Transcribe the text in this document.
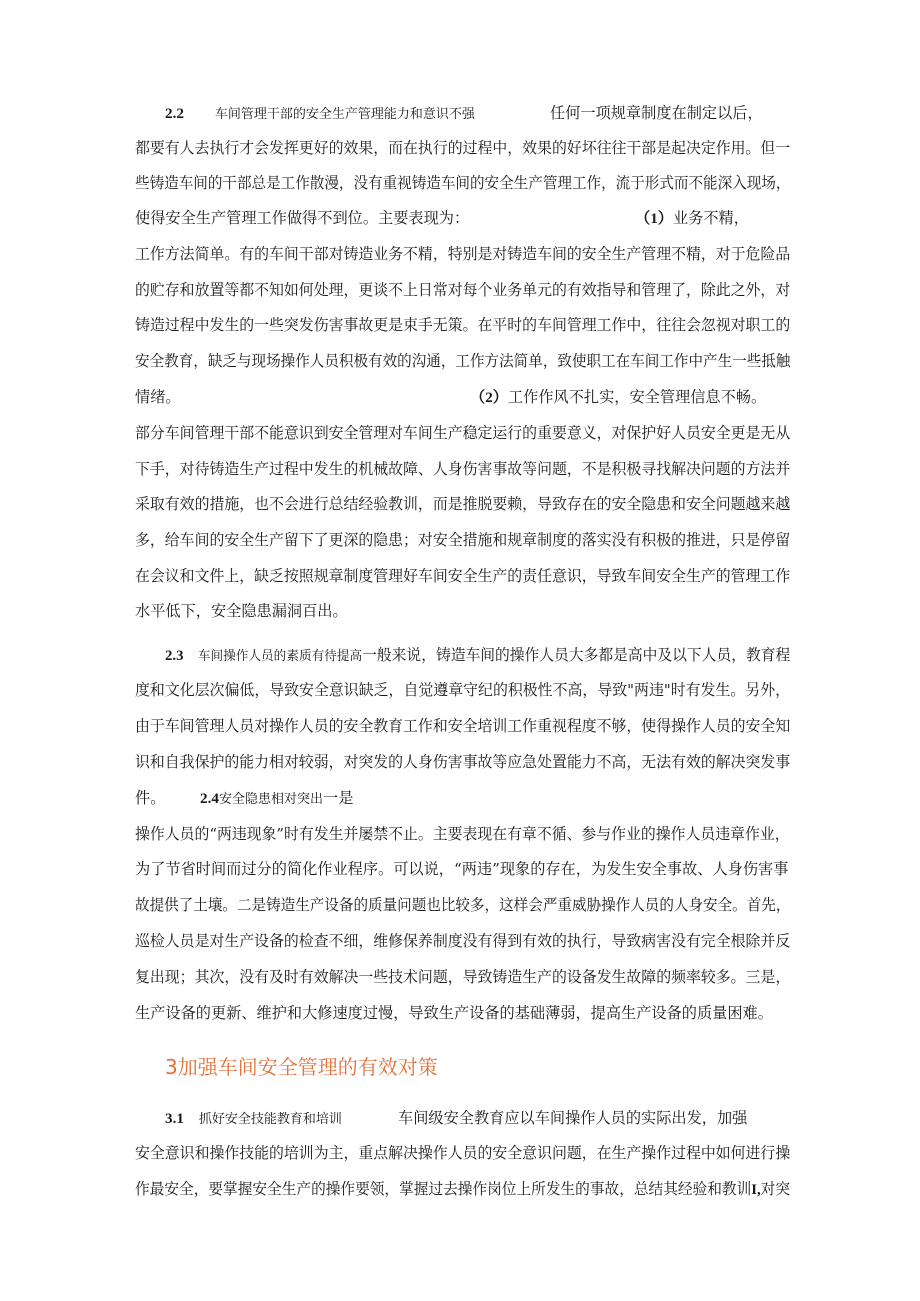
2.2 车间管理干部的安全生产管理能力和意识不强	任何一项规章制度在制定以后，
都要有人去执行才会发挥更好的效果，而在执行的过程中，效果的好坏往往干部是起决定作用。但一
些铸造车间的干部总是工作散漫，没有重视铸造车间的安全生产管理工作，流于形式而不能深入现场，
使得安全生产管理工作做得不到位。主要表现为：	（1）业务不精，
工作方法简单。有的车间干部对铸造业务不精，特别是对铸造车间的安全生产管理不精，对于危险品
的贮存和放置等都不知如何处理，更谈不上日常对每个业务单元的有效指导和管理了，除此之外，对
铸造过程中发生的一些突发伤害事故更是束手无策。在平时的车间管理工作中，往往会忽视对职工的
安全教育，缺乏与现场操作人员积极有效的沟通，工作方法简单，致使职工在车间工作中产生一些抵触
情绪。	（2）工作作风不扎实，安全管理信息不畅。
部分车间管理干部不能意识到安全管理对车间生产稳定运行的重要意义，对保护好人员安全更是无从
下手，对待铸造生产过程中发生的机械故障、人身伤害事故等问题，不是积极寻找解决问题的方法并
采取有效的措施，也不会进行总结经验教训，而是推脱要赖，导致存在的安全隐患和安全问题越来越
多，给车间的安全生产留下了更深的隐患；对安全措施和规章制度的落实没有积极的推进，只是停留
在会议和文件上，缺乏按照规章制度管理好车间安全生产的责任意识，导致车间安全生产的管理工作
水平低下，安全隐患漏洞百出。
2.3 车间操作人员的素质有待提高一般来说，铸造车间的操作人员大多都是高中及以下人员，教育程
度和文化层次偏低，导致安全意识缺乏，自觉遵章守纪的积极性不高，导致"两违"时有发生。另外，
由于车间管理人员对操作人员的安全教育工作和安全培训工作重视程度不够，使得操作人员的安全知
识和自我保护的能力相对较弱，对突发的人身伤害事故等应急处置能力不高，无法有效的解决突发事
件。 2.4安全隐患相对突出一是
操作人员的“两违现象”时有发生并屡禁不止。主要表现在有章不循、参与作业的操作人员违章作业，
为了节省时间而过分的简化作业程序。可以说，“两违”现象的存在，为发生安全事故、人身伤害事
故提供了土壤。二是铸造生产设备的质量问题也比较多，这样会严重威胁操作人员的人身安全。首先，
巡检人员是对生产设备的检查不细，维修保养制度没有得到有效的执行，导致病害没有完全根除并反
复出现；其次，没有及时有效解决一些技术问题，导致铸造生产的设备发生故障的频率较多。三是，
生产设备的更新、维护和大修速度过慢，导致生产设备的基础薄弱，提高生产设备的质量困难。
3加强车间安全管理的有效对策
3.1 抓好安全技能教育和培训	车间级安全教育应以车间操作人员的实际出发，加强
安全意识和操作技能的培训为主，重点解决操作人员的安全意识问题，在生产操作过程中如何进行操
作最安全，要掌握安全生产的操作要领，掌握过去操作岗位上所发生的事故，总结其经验和教训I,对突
